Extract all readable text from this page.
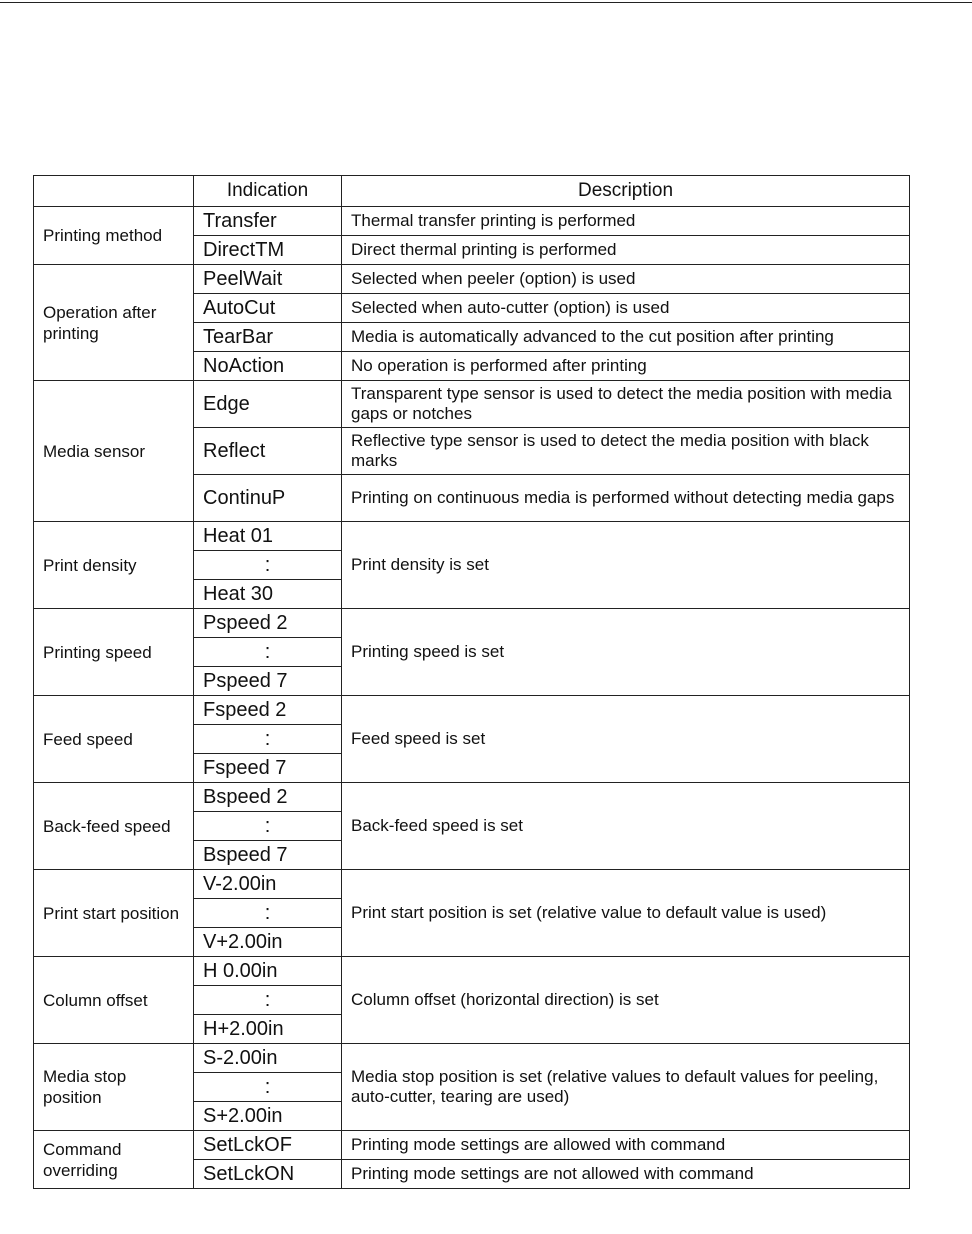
	Indication	Description
Printing method	Transfer	Thermal transfer printing is performed
	DirectTM	Direct thermal printing is performed
Operation after printing	PeelWait	Selected when peeler (option) is used
	AutoCut	Selected when auto-cutter (option) is used
	TearBar	Media is automatically advanced to the cut position after printing
	NoAction	No operation is performed after printing
Media sensor	Edge	Transparent type sensor is used to detect the media position with media gaps or notches
	Reflect	Reflective type sensor is used to detect the media position with black marks
	ContinuP	Printing on continuous media is performed without detecting media gaps
Print density	Heat 01	Print density is set
	:	
	Heat 30	
Printing speed	Pspeed 2	Printing speed is set
	:	
	Pspeed 7	
Feed speed	Fspeed 2	Feed speed is set
	:	
	Fspeed 7	
Back-feed speed	Bspeed 2	Back-feed speed is set
	:	
	Bspeed 7	
Print start position	V-2.00in	Print start position is set (relative value to default value is used)
	:	
	V+2.00in	
Column offset	H 0.00in	Column offset (horizontal direction) is set
	:	
	H+2.00in	
Media stop position	S-2.00in	Media stop position is set (relative values to default values for peeling, auto-cutter, tearing are used)
	:	
	S+2.00in	
Command overriding	SetLckOF	Printing mode settings are allowed with command
	SetLckON	Printing mode settings are not allowed with command
